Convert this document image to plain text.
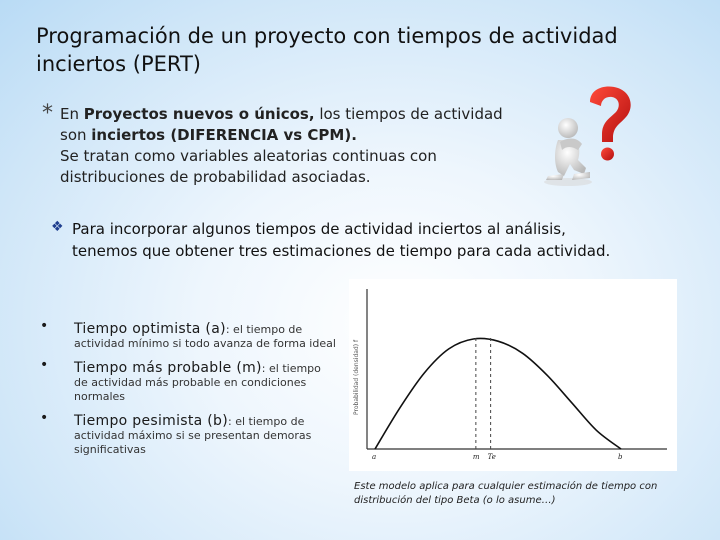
Programación de un proyecto con tiempos de actividad
inciertos (PERT)
* En Proyectos nuevos o únicos, los tiempos de actividad
son inciertos (DIFERENCIA vs CPM).
Se tratan como variables aleatorias continuas con
distribuciones de probabilidad asociadas.
❖ Para incorporar algunos tiempos de actividad inciertos al análisis,
tenemos que obtener tres estimaciones de tiempo para cada actividad.
• Tiempo optimista (a): el tiempo de
actividad mínimo si todo avanza de forma ideal
• Tiempo más probable (m): el tiempo
de actividad más probable en condiciones
normales
• Tiempo pesimista (b): el tiempo de
actividad máximo si se presentan demoras
significativas
Probabilidad (densidad) f
a	m Te	b
Este modelo aplica para cualquier estimación de tiempo con
distribución del tipo Beta (o lo asume…)
